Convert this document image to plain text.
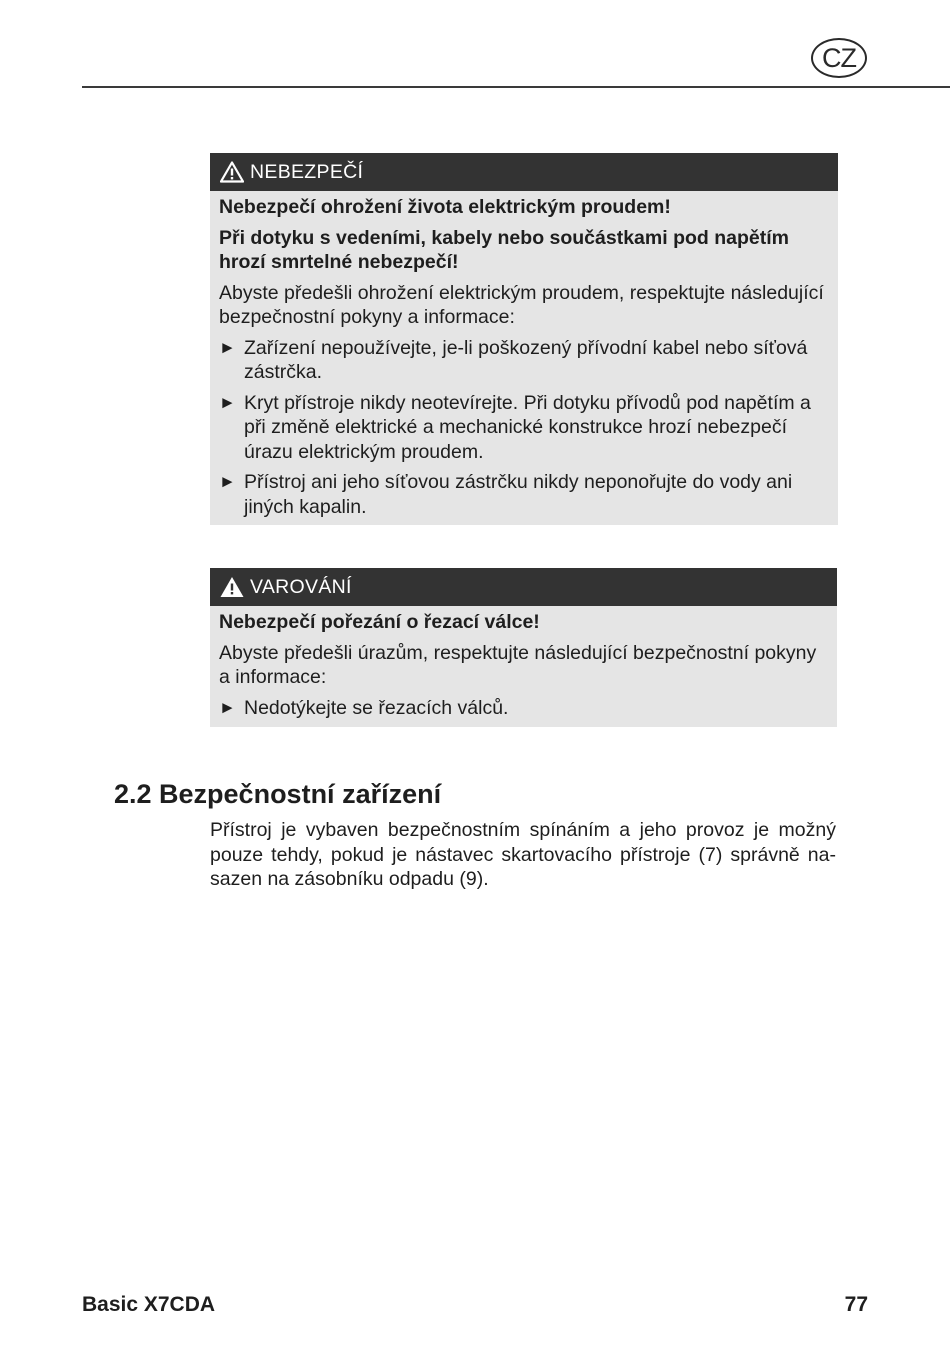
CZ
NEBEZPEČÍ

Nebezpečí ohrožení života elektrickým proudem!

Při dotyku s vedeními, kabely nebo součástkami pod napětím hrozí smrtelné nebezpečí!

Abyste předešli ohrožení elektrickým proudem, respektujte následující bezpečnostní pokyny a informace:

► Zařízení nepoužívejte, je-li poškozený přívodní kabel nebo síťová zástrčka.
► Kryt přístroje nikdy neotevírejte. Při dotyku přívodů pod napětím a při změně elektrické a mechanické konstrukce hrozí nebezpečí úrazu elektrickým proudem.
► Přístroj ani jeho síťovou zástrčku nikdy neponořujte do vody ani jiných kapalin.
VAROVÁNÍ

Nebezpečí pořezání o řezací válce!

Abyste předešli úrazům, respektujte následující bezpečnostní pokyny a informace:

► Nedotýkejte se řezacích válců.
2.2 Bezpečnostní zařízení

Přístroj je vybaven bezpečnostním spínáním a jeho provoz je možný pouze tehdy, pokud je nástavec skartovacího přístroje (7) správně nasazen na zásobníku odpadu (9).

Basic X7CDA	77
